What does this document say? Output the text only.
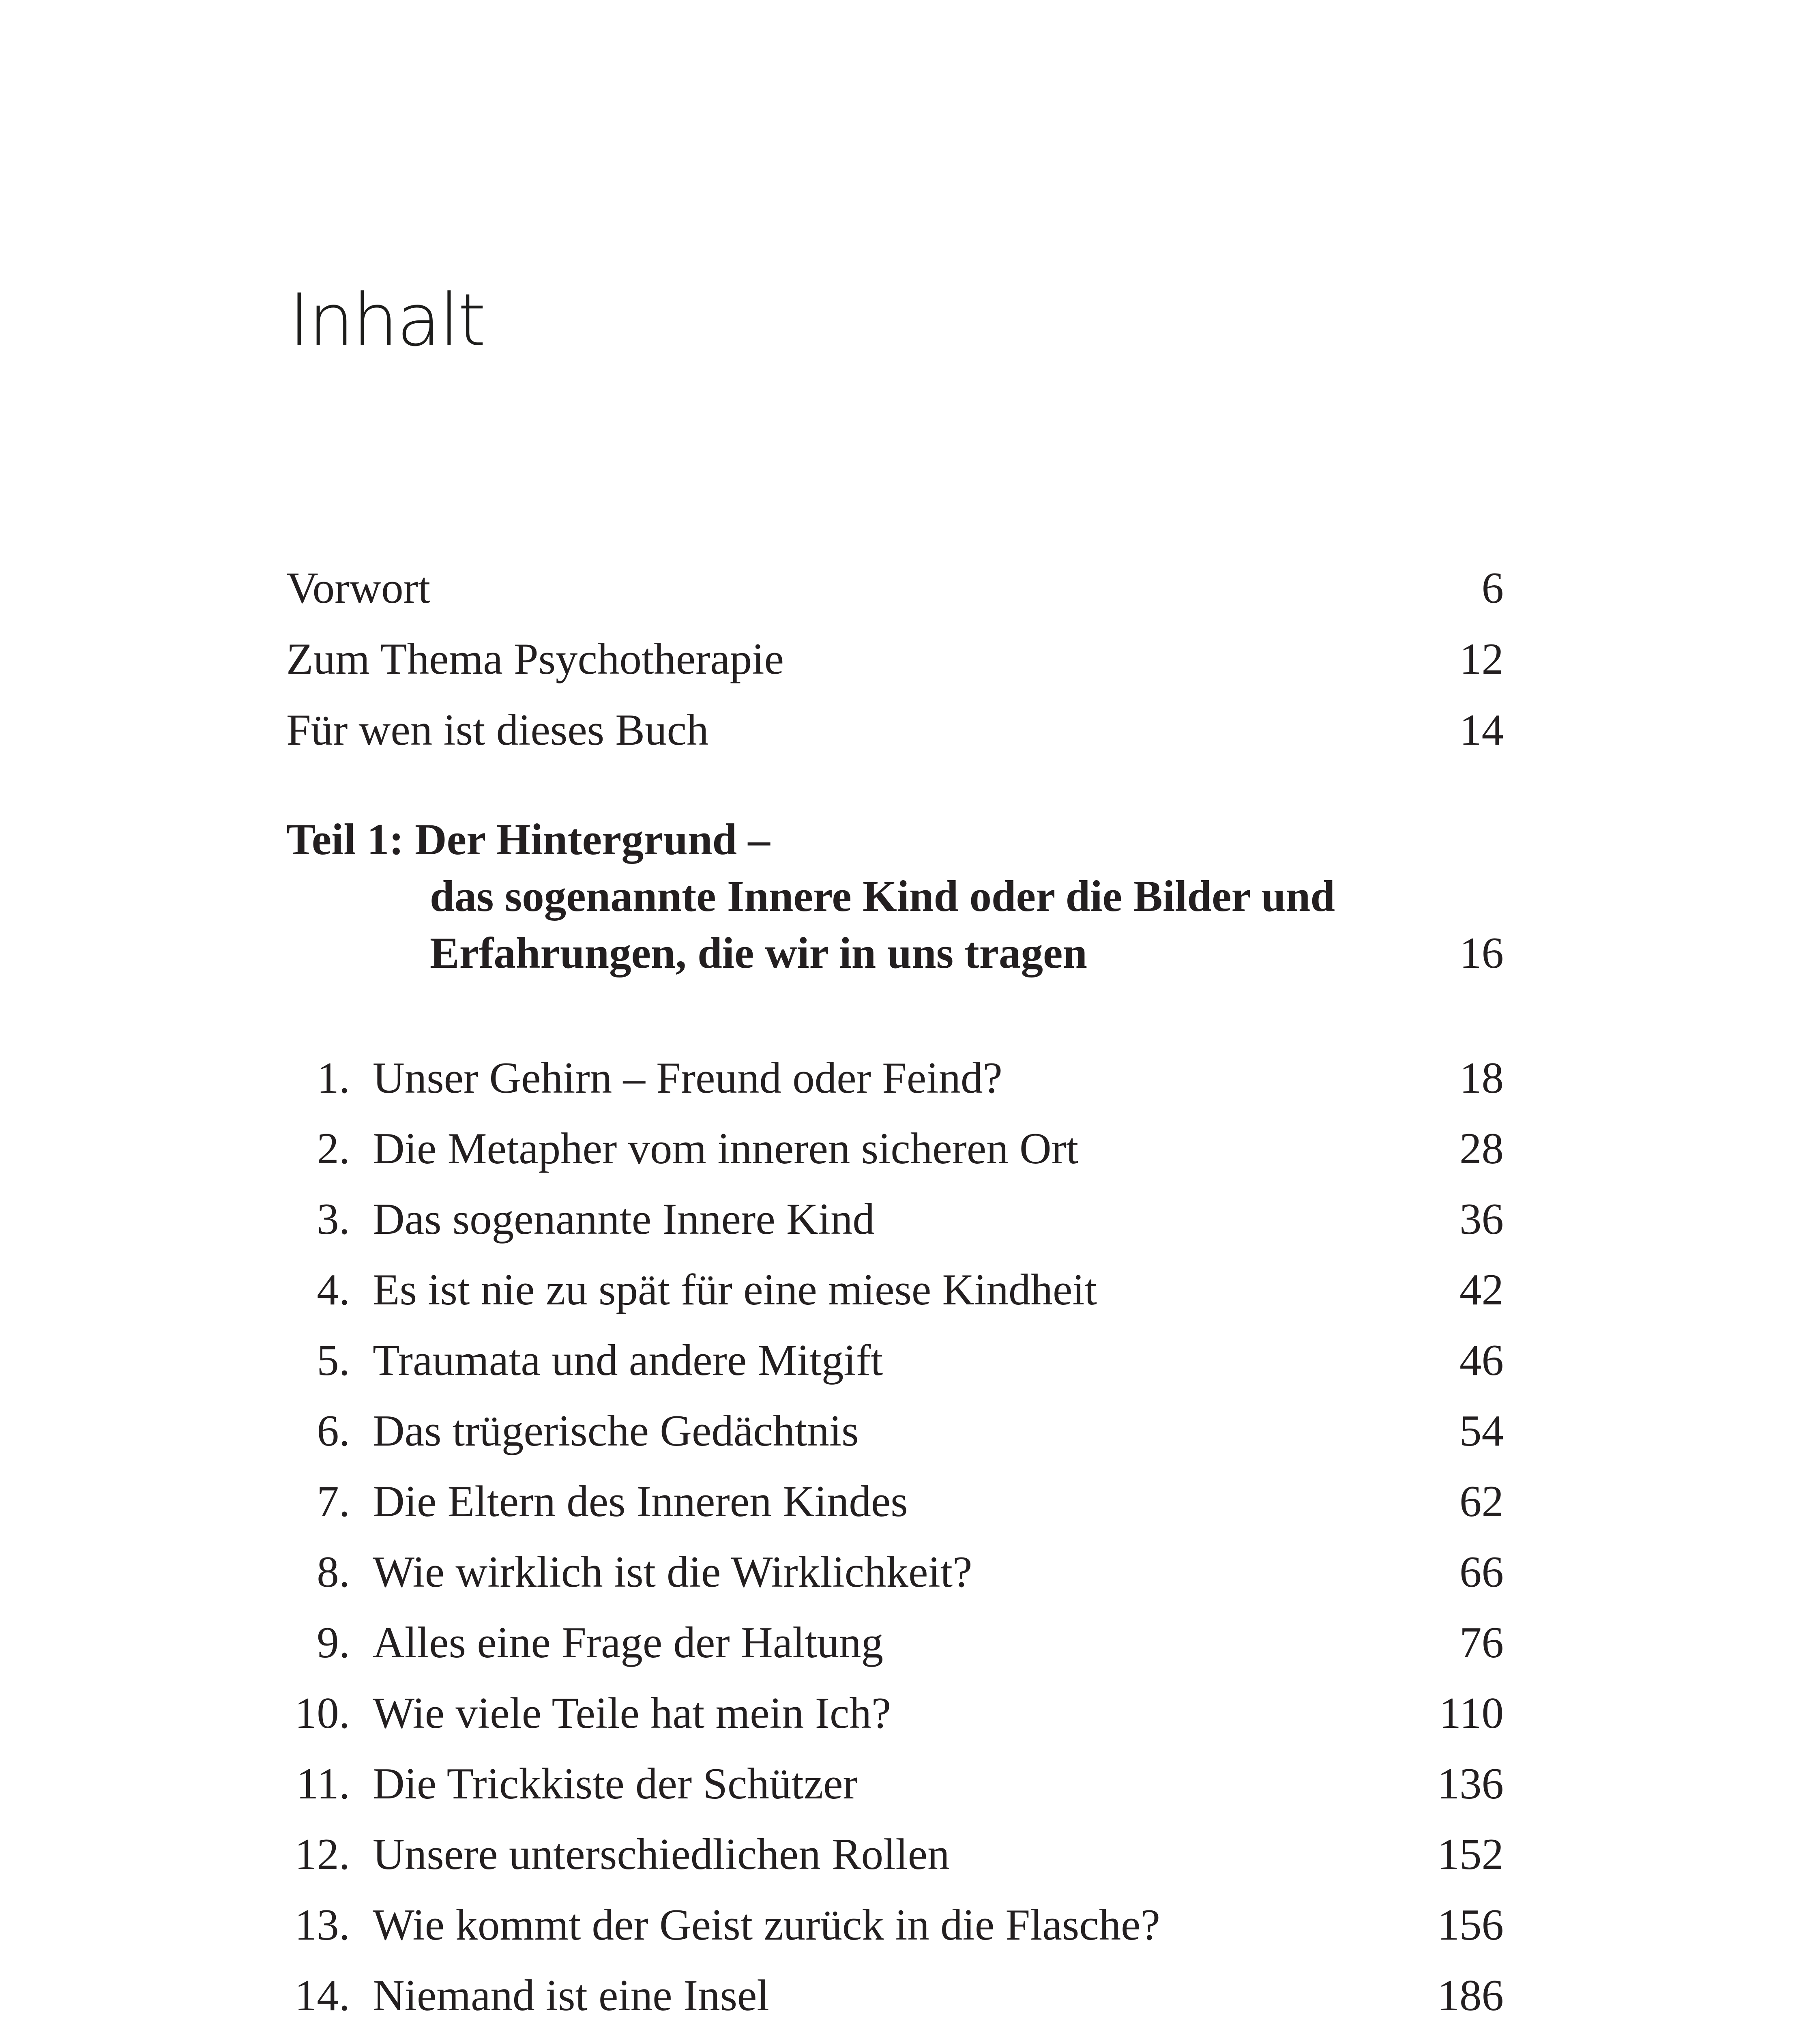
Inhalt
Vorwort	6
Zum Thema Psychotherapie	12
Für wen ist dieses Buch	14
Teil 1: Der Hintergrund –
das sogenannte Innere Kind oder die Bilder und
Erfahrungen, die wir in uns tragen	16
1. Unser Gehirn – Freund oder Feind?	18
2. Die Metapher vom inneren sicheren Ort	28
3. Das sogenannte Innere Kind	36
4. Es ist nie zu spät für eine miese Kindheit	42
5. Traumata und andere Mitgift	46
6. Das trügerische Gedächtnis	54
7. Die Eltern des Inneren Kindes	62
8. Wie wirklich ist die Wirklichkeit?	66
9. Alles eine Frage der Haltung	76
10. Wie viele Teile hat mein Ich?	110
11. Die Trickkiste der Schützer	136
12. Unsere unterschiedlichen Rollen	152
13. Wie kommt der Geist zurück in die Flasche?	156
14. Niemand ist eine Insel	186
